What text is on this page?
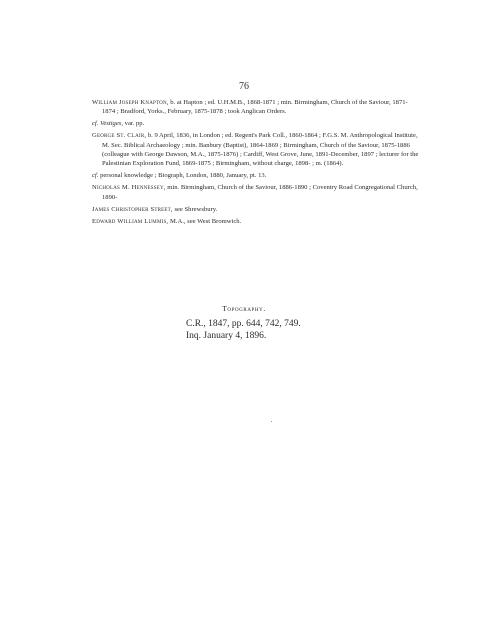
76

William Joseph Knapton, b. at Hapton ; ed. U.H.M.B., 1868-1871 ; min. Birmingham, Church of the Saviour, 1871-1874 ; Bradford, Yorks., February, 1875-1878 ; took Anglican Orders.

cf. Vestiges, var. pp.

George St. Clair, b. 9 April, 1836, in London ; ed. Regent's Park Coll., 1860-1864 ; F.G.S. M. Anthropological Institute, M. Sec. Biblical Archaeology ; min. Banbury (Baptist), 1864-1869 ; Birmingham, Church of the Saviour, 1875-1886 (colleague with George Dawson, M.A., 1875-1876) ; Cardiff, West Grove, June, 1891-December, 1897 ; lecturer for the Palestinian Exploration Fund, 1869-1875 ; Birmingham, without charge, 1898- ; m. (1864).

cf. personal knowledge ; Biograph, London, 1880, January, pt. 13.

Nicholas M. Hennessey, min. Birmingham, Church of the Saviour, 1886-1890 ; Coventry Road Congregational Church, 1890-

James Christopher Street, see Shrewsbury.

Edward William Lummis, M.A., see West Bromwich.

Topography.
C.R., 1847, pp. 644, 742, 749.
Inq. January 4, 1896.
